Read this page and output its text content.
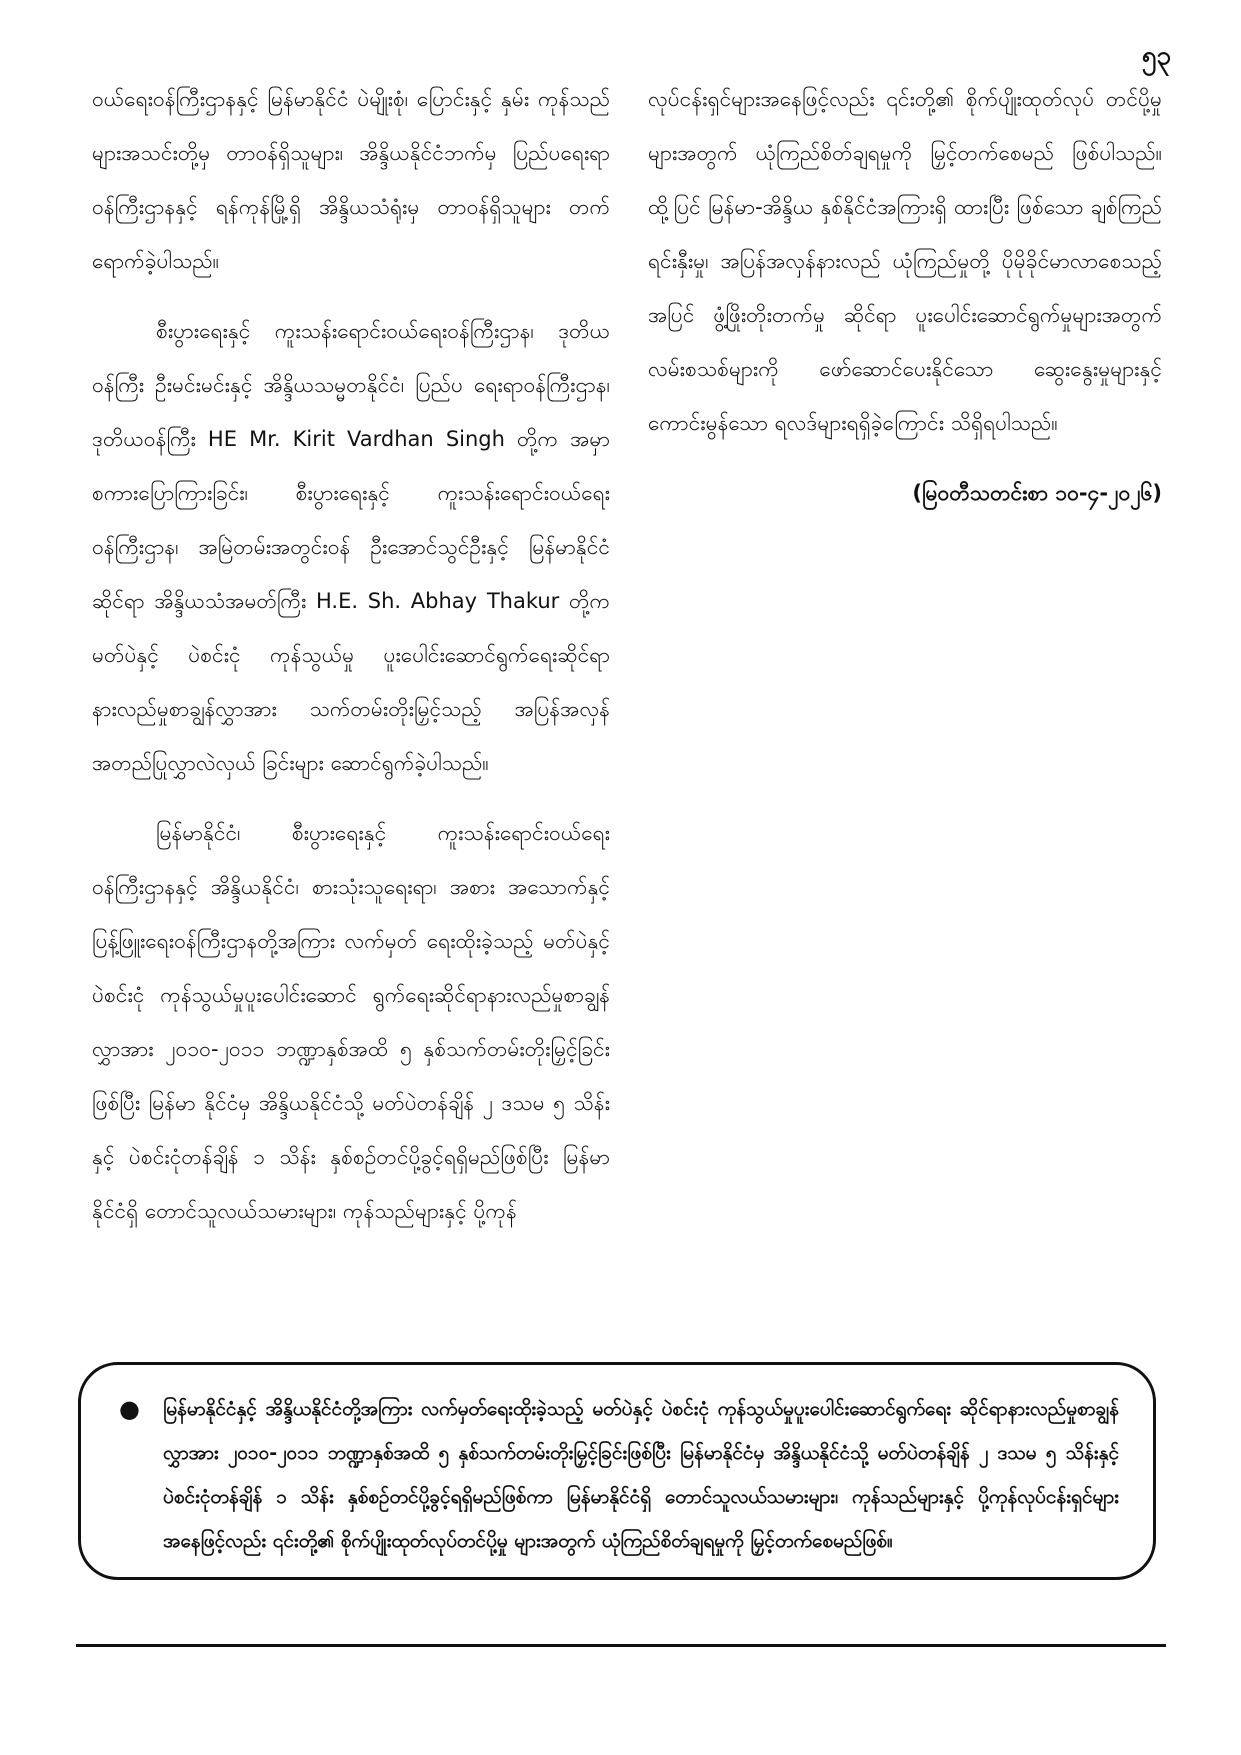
၅၃

ဝယ်ရေးဝန်ကြီးဌာနနှင့် မြန်မာနိုင်ငံ ပဲမျိုးစုံ၊ ပြောင်းနှင့် နှမ်း ကုန်သည်များအသင်းတို့မှ တာဝန်ရှိသူများ၊ အိန္ဒိယနိုင်ငံဘက်မှ ပြည်ပရေးရာဝန်ကြီးဌာနနှင့် ရန်ကုန်မြို့ရှိ အိန္ဒိယသံရုံးမှ တာဝန်ရှိသူများ တက်ရောက်ခဲ့ပါသည်။

စီးပွားရေးနှင့် ကူးသန်းရောင်းဝယ်ရေးဝန်ကြီးဌာန၊ ဒုတိယဝန်ကြီး ဦးမင်းမင်းနှင့် အိန္ဒိယသမ္မတနိုင်ငံ၊ ပြည်ပ ရေးရာဝန်ကြီးဌာန၊ ဒုတိယဝန်ကြီး HE Mr. Kirit Vardhan Singh တို့က အမှာစကားပြောကြားခြင်း၊ စီးပွားရေးနှင့် ကူးသန်းရောင်းဝယ်ရေးဝန်ကြီးဌာန၊ အမြဲတမ်းအတွင်းဝန် ဦးအောင်သွင်ဦးနှင့် မြန်မာနိုင်ငံဆိုင်ရာ အိန္ဒိယသံအမတ်ကြီး H.E. Sh. Abhay Thakur တို့က မတ်ပဲနှင့် ပဲစင်းငုံ ကုန်သွယ်မှု ပူးပေါင်းဆောင်ရွက်ရေးဆိုင်ရာ နားလည်မှုစာချွန်လွှာအား သက်တမ်းတိုးမြှင့်သည့် အပြန်အလှန်အတည်ပြုလွှာလဲလှယ် ခြင်းများ ဆောင်ရွက်ခဲ့ပါသည်။

မြန်မာနိုင်ငံ၊ စီးပွားရေးနှင့် ကူးသန်းရောင်းဝယ်ရေး ဝန်ကြီးဌာနနှင့် အိန္ဒိယနိုင်ငံ၊ စားသုံးသူရေးရာ၊ အစား အသောက်နှင့် ပြန့်ဖြူးရေးဝန်ကြီးဌာနတို့အကြား လက်မှတ် ရေးထိုးခဲ့သည့် မတ်ပဲနှင့် ပဲစင်းငုံ ကုန်သွယ်မှုပူးပေါင်းဆောင် ရွက်ရေးဆိုင်ရာနားလည်မှုစာချွန်လွှာအား ၂၀၁၀-၂၀၁၁ ဘဏ္ဍာနှစ်အထိ ၅ နှစ်သက်တမ်းတိုးမြှင့်ခြင်းဖြစ်ပြီး မြန်မာ နိုင်ငံမှ အိန္ဒိယနိုင်ငံသို့ မတ်ပဲတန်ချိန် ၂ ဒသမ ၅ သိန်းနှင့် ပဲစင်းငုံတန်ချိန် ၁ သိန်း နှစ်စဉ်တင်ပို့ခွင့်ရရှိမည်ဖြစ်ပြီး မြန်မာ နိုင်ငံရှိ တောင်သူလယ်သမားများ၊ ကုန်သည်များနှင့် ပို့ကုန်

လုပ်ငန်းရှင်များအနေဖြင့်လည်း ၎င်းတို့၏ စိုက်ပျိုးထုတ်လုပ် တင်ပို့မှုများအတွက် ယုံကြည်စိတ်ချရမှုကို မြှင့်တက်စေမည် ဖြစ်ပါသည်။ ထို့ပြင် မြန်မာ-အိန္ဒိယ နှစ်နိုင်ငံအကြားရှိ ထားပြီး ဖြစ်သော ချစ်ကြည်ရင်းနှီးမှု၊ အပြန်အလှန်နားလည် ယုံကြည်မှုတို့ ပိုမိုခိုင်မာလာစေသည့်အပြင် ဖွံ့ဖြိုးတိုးတက်မှု ဆိုင်ရာ ပူးပေါင်းဆောင်ရွက်မှုများအတွက် လမ်းစသစ်များကို ဖော်ဆောင်ပေးနိုင်သော ဆွေးနွေးမှုများနှင့် ကောင်းမွန်သော ရလဒ်များရရှိခဲ့ကြောင်း သိရှိရပါသည်။

(မြဝတီသတင်းစာ ၁၀-၄-၂၀၂၆)
●	မြန်မာနိုင်ငံနှင့် အိန္ဒိယနိုင်ငံတို့အကြား လက်မှတ်ရေးထိုးခဲ့သည့် မတ်ပဲနှင့် ပဲစင်းငုံ ကုန်သွယ်မှုပူးပေါင်းဆောင်ရွက်ရေး ဆိုင်ရာနားလည်မှုစာချွန်လွှာအား ၂၀၁၀-၂၀၁၁ ဘဏ္ဍာနှစ်အထိ ၅ နှစ်သက်တမ်းတိုးမြှင့်ခြင်းဖြစ်ပြီး မြန်မာနိုင်ငံမှ အိန္ဒိယနိုင်ငံသို့ မတ်ပဲတန်ချိန် ၂ ဒသမ ၅ သိန်းနှင့် ပဲစင်းငုံတန်ချိန် ၁ သိန်း နှစ်စဉ်တင်ပို့ခွင့်ရရှိမည်ဖြစ်ကာ မြန်မာနိုင်ငံရှိ တောင်သူလယ်သမားများ၊ ကုန်သည်များနှင့် ပို့ကုန်လုပ်ငန်းရှင်များအနေဖြင့်လည်း ၎င်းတို့၏ စိုက်ပျိုးထုတ်လုပ်တင်ပို့မှု များအတွက် ယုံကြည်စိတ်ချရမှုကို မြှင့်တက်စေမည်ဖြစ်။
